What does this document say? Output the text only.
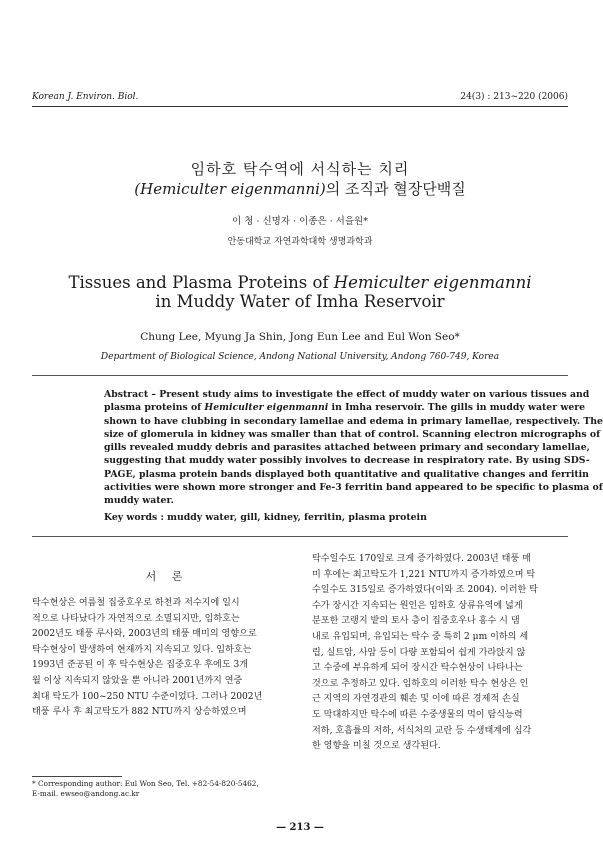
Korean J. Environ. Biol.	24(3) : 213~220 (2006)
임하호 탁수역에 서식하는 치리
(Hemiculter eigenmanni)의 조직과 혈장단백질
이 청 · 신명자 · 이종은 · 서을원*
안동대학교 자연과학대학 생명과학과
Tissues and Plasma Proteins of Hemiculter eigenmanni
in Muddy Water of Imha Reservoir
Chung Lee, Myung Ja Shin, Jong Eun Lee and Eul Won Seo*
Department of Biological Science, Andong National University, Andong 760-749, Korea
Abstract – Present study aims to investigate the effect of muddy water on various tissues and
plasma proteins of Hemiculter eigenmanni in Imha reservoir. The gills in muddy water were
shown to have clubbing in secondary lamellae and edema in primary lamellae, respectively. The
size of glomerula in kidney was smaller than that of control. Scanning electron micrographs of
gills revealed muddy debris and parasites attached between primary and secondary lamellae,
suggesting that muddy water possibly involves to decrease in respiratory rate. By using SDS-
PAGE, plasma protein bands displayed both quantitative and qualitative changes and ferritin
activities were shown more stronger and Fe-3 ferritin band appeared to be specific to plasma of
muddy water.
Key words : muddy water, gill, kidney, ferritin, plasma protein
서 론
탁수현상은 여름철 집중호우로 하천과 저수지에 일시
적으로 나타났다가 자연적으로 소멸되지만, 임하호는
2002년도 태풍 루사와, 2003년의 태풍 매미의 영향으로
탁수현상이 발생하여 현재까지 지속되고 있다. 임하호는
1993년 준공된 이 후 탁수현상은 집중호우 후에도 3개
월 이상 지속되지 않았을 뿐 아니라 2001년까지 연중
최대 탁도가 100~250 NTU 수준이었다. 그러나 2002년
태풍 루사 후 최고탁도가 882 NTU까지 상승하였으며
탁수일수도 170일로 크게 증가하였다. 2003년 태풍 매
미 후에는 최고탁도가 1,221 NTU까지 증가하였으며 탁
수일수도 315일로 증가하였다(이와 조 2004). 이러한 탁
수가 장시간 지속되는 원인은 임하호 상류유역에 넓게
분포한 고랭지 밭의 토사 층이 집중호우나 홍수 시 댐
내로 유입되며, 유입되는 탁수 중 특히 2 μm 이하의 세
립, 실트암, 사암 등이 다량 포함되어 쉽게 가라앉지 않
고 수중에 부유하게 되어 장시간 탁수현상이 나타나는
것으로 추정하고 있다. 임하호의 이러한 탁수 현상은 인
근 지역의 자연경관의 훼손 및 이에 따른 경제적 손실
도 막대하지만 탁수에 따른 수중생물의 먹이 탐식능력
저하, 호흡률의 저하, 서식처의 교란 등 수생태계에 심각
한 영향을 미칠 것으로 생각된다.
* Corresponding author: Eul Won Seo, Tel. +82-54-820-5462,
E-mail. ewseo@andong.ac.kr
— 213 —
